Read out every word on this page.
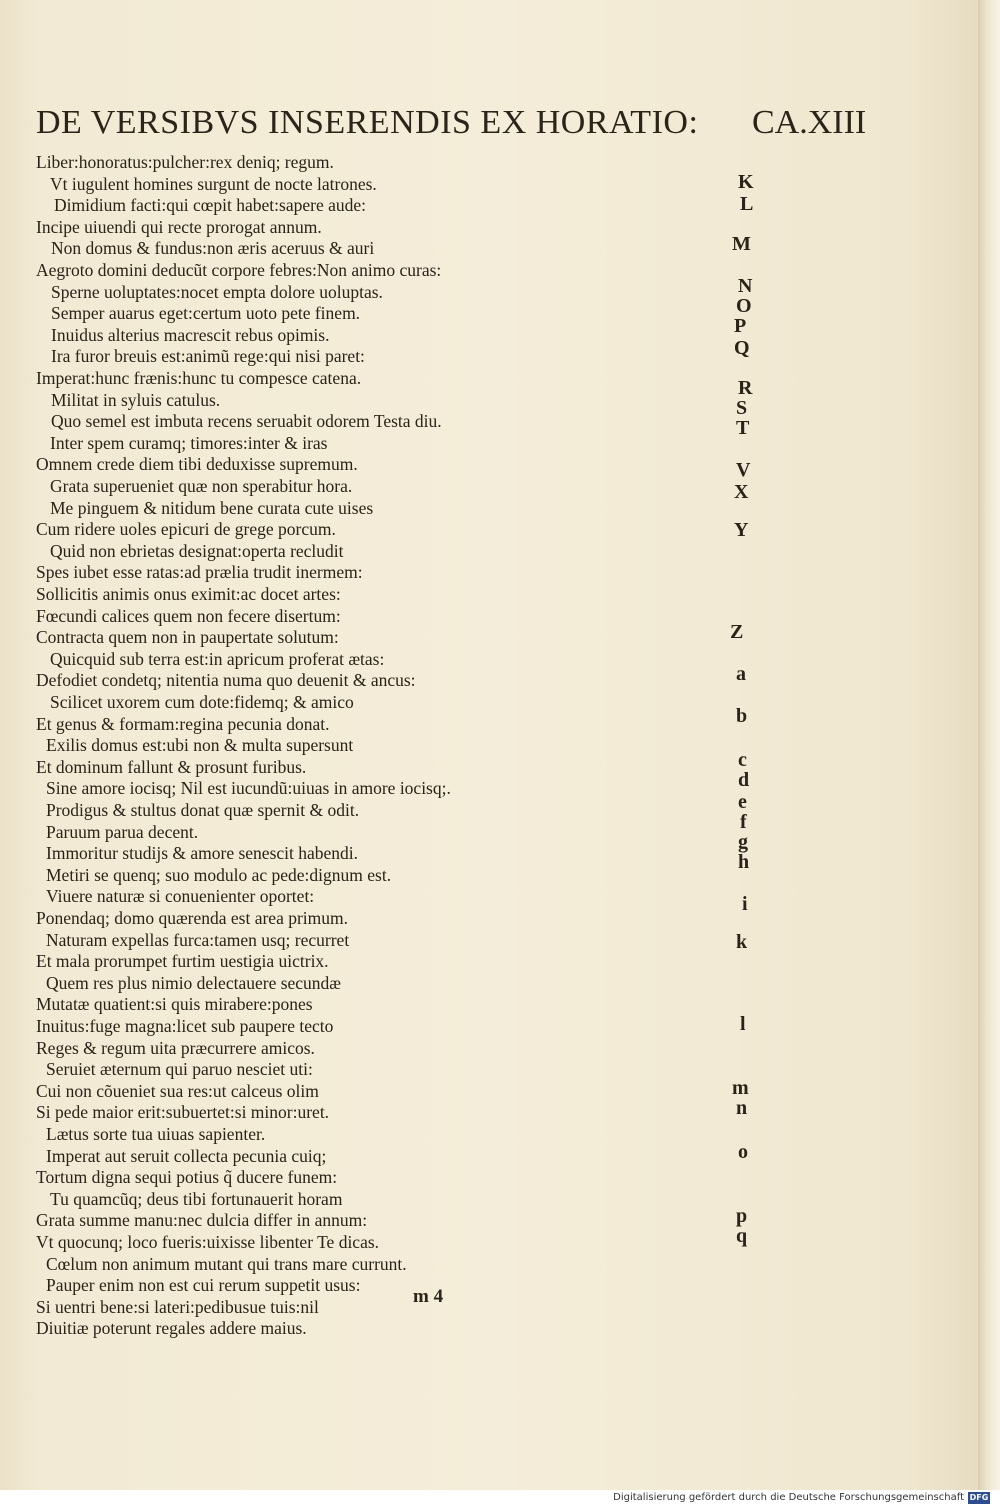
DE VERSIBVS INSERENDIS EX HORATIO: CA.XIII
Liber:honoratus:pulcher:rex deniq; regum.
Vt iugulent homines surgunt de nocte latrones.
Dimidium facti:qui cœpit habet:sapere aude:
Incipe uiuendi qui recte prorogat annum.
Non domus & fundus:non æris aceruus & auri
Aegroto domini deducũt corpore febres:Non animo curas:
Sperne uoluptates:nocet empta dolore uoluptas.
Semper auarus eget:certum uoto pete finem.
Inuidus alterius macrescit rebus opimis.
Ira furor breuis est:animũ rege:qui nisi paret:
Imperat:hunc frænis:hunc tu compesce catena.
Militat in syluis catulus.
Quo semel est imbuta recens seruabit odorem Testa diu.
Inter spem curamq; timores:inter & iras
Omnem crede diem tibi deduxisse supremum.
Grata superueniet quæ non sperabitur hora.
Me pinguem & nitidum bene curata cute uises
Cum ridere uoles epicuri de grege porcum.
Quid non ebrietas designat:operta recludit
Spes iubet esse ratas:ad prælia trudit inermem:
Sollicitis animis onus eximit:ac docet artes:
Fœcundi calices quem non fecere disertum:
Contracta quem non in paupertate solutum:
Quicquid sub terra est:in apricum proferat ætas:
Defodiet condetq; nitentia numa quo deuenit & ancus:
Scilicet uxorem cum dote:fidemq; & amico
Et genus & formam:regina pecunia donat.
Exilis domus est:ubi non & multa supersunt
Et dominum fallunt & prosunt furibus.
Sine amore iocisq; Nil est iucundũ:uiuas in amore iocisq;.
Prodigus & stultus donat quæ spernit & odit.
Paruum parua decent.
Immoritur studijs & amore senescit habendi.
Metiri se quenq; suo modulo ac pede:dignum est.
Viuere naturæ si conuenienter oportet:
Ponendaq; domo quærenda est area primum.
Naturam expellas furca:tamen usq; recurret
Et mala prorumpet furtim uestigia uictrix.
Quem res plus nimio delectauere secundæ
Mutatæ quatient:si quis mirabere:pones
Inuitus:fuge magna:licet sub paupere tecto
Reges & regum uita præcurrere amicos.
Seruiet æternum qui paruo nesciet uti:
Cui non cõueniet sua res:ut calceus olim
Si pede maior erit:subuertet:si minor:uret.
Lætus sorte tua uiuas sapienter.
Imperat aut seruit collecta pecunia cuiq;
Tortum digna sequi potius q̃ ducere funem:
Tu quamcũq; deus tibi fortunauerit horam
Grata summe manu:nec dulcia differ in annum:
Vt quocunq; loco fueris:uixisse libenter Te dicas.
Cœlum non animum mutant qui trans mare currunt.
Pauper enim non est cui rerum suppetit usus:
Si uentri bene:si lateri:pedibusue tuis:nil
Diuitiæ poterunt regales addere maius.
K
L
M
N
O
P
Q
R
S
T
V
X
Y
Z
a
b
c
d
e
f
g
h
i
k
l
m
n
o
p
q
m 4
Digitalisierung gefördert durch die Deutsche Forschungsgemeinschaft DFG
